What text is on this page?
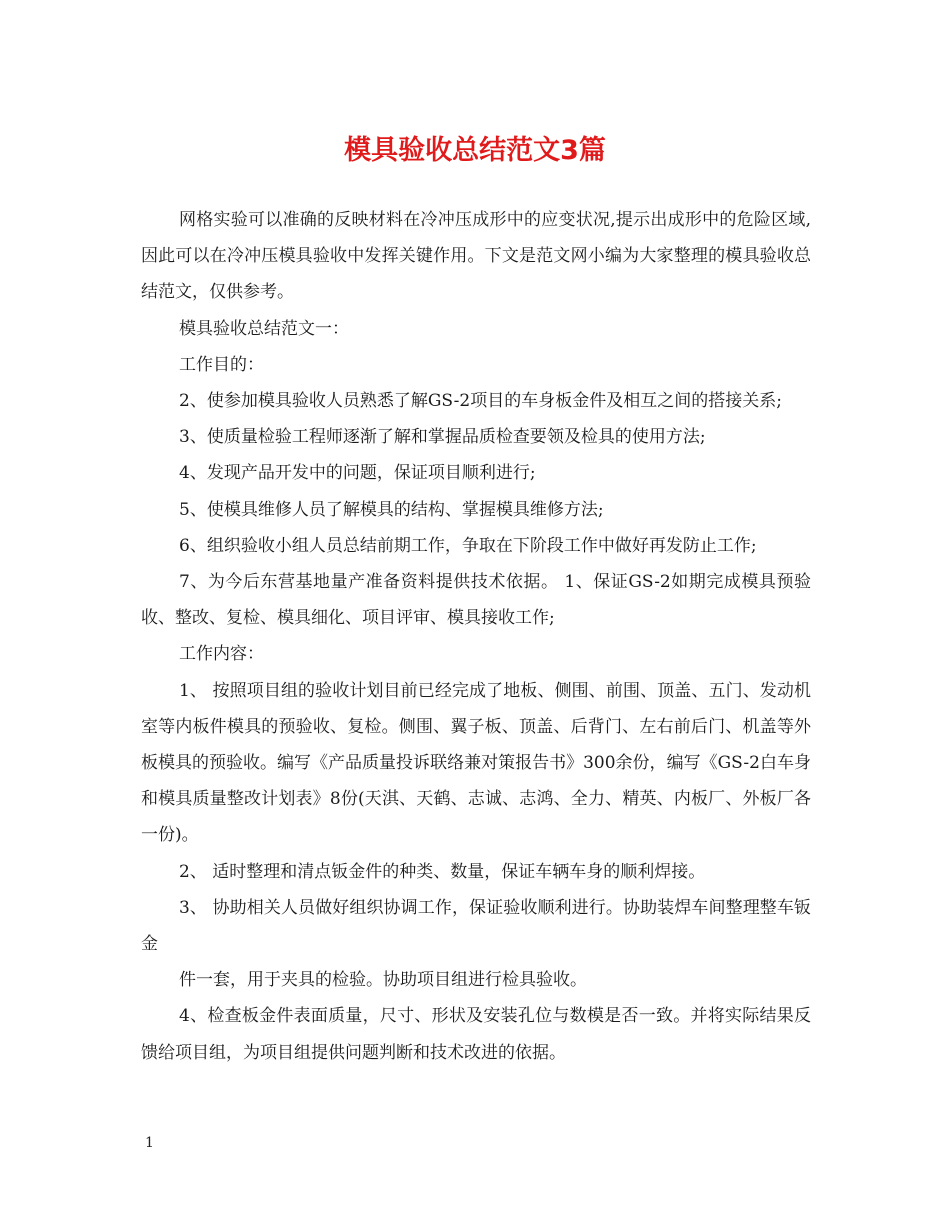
模具验收总结范文3篇

网格实验可以准确的反映材料在冷冲压成形中的应变状况,提示出成形中的危险区域,因此可以在冷冲压模具验收中发挥关键作用。下文是范文网小编为大家整理的模具验收总结范文，仅供参考。

模具验收总结范文一：

工作目的：

2、使参加模具验收人员熟悉了解GS-2项目的车身板金件及相互之间的搭接关系;

3、使质量检验工程师逐渐了解和掌握品质检查要领及检具的使用方法;

4、发现产品开发中的问题，保证项目顺利进行;

5、使模具维修人员了解模具的结构、掌握模具维修方法;

6、组织验收小组人员总结前期工作，争取在下阶段工作中做好再发防止工作;

7、为今后东营基地量产准备资料提供技术依据。 1、保证GS-2如期完成模具预验收、整改、复检、模具细化、项目评审、模具接收工作;

工作内容：

1、 按照项目组的验收计划目前已经完成了地板、侧围、前围、顶盖、五门、发动机室等内板件模具的预验收、复检。侧围、翼子板、顶盖、后背门、左右前后门、机盖等外板模具的预验收。编写《产品质量投诉联络兼对策报告书》300余份，编写《GS-2白车身和模具质量整改计划表》8份(天淇、天鹤、志诚、志鸿、全力、精英、内板厂、外板厂各一份)。

2、 适时整理和清点钣金件的种类、数量，保证车辆车身的顺利焊接。

3、 协助相关人员做好组织协调工作，保证验收顺利进行。协助装焊车间整理整车钣金

件一套，用于夹具的检验。协助项目组进行检具验收。

4、检查板金件表面质量，尺寸、形状及安装孔位与数模是否一致。并将实际结果反馈给项目组，为项目组提供问题判断和技术改进的依据。

1
